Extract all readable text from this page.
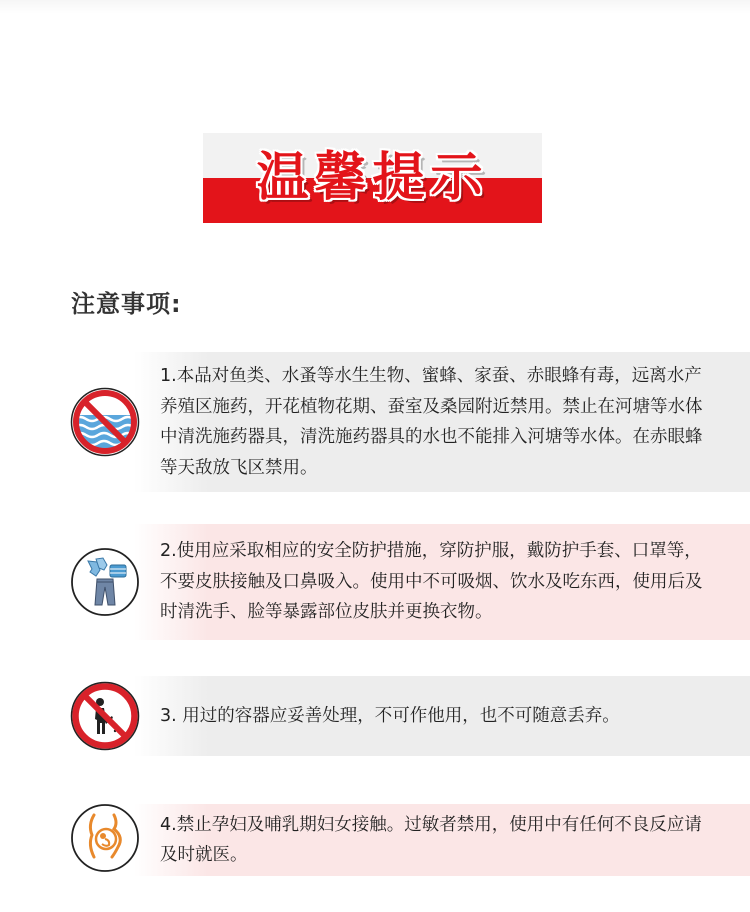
温馨提示
注意事项:
1.本品对鱼类、水蚤等水生生物、蜜蜂、家蚕、赤眼蜂有毒，远离水产养殖区施药，开花植物花期、蚕室及桑园附近禁用。禁止在河塘等水体中清洗施药器具，清洗施药器具的水也不能排入河塘等水体。在赤眼蜂等天敌放飞区禁用。
2.使用应采取相应的安全防护措施，穿防护服，戴防护手套、口罩等，不要皮肤接触及口鼻吸入。使用中不可吸烟、饮水及吃东西，使用后及时清洗手、脸等暴露部位皮肤并更换衣物。
3. 用过的容器应妥善处理，不可作他用，也不可随意丢弃。
4.禁止孕妇及哺乳期妇女接触。过敏者禁用，使用中有任何不良反应请及时就医。
